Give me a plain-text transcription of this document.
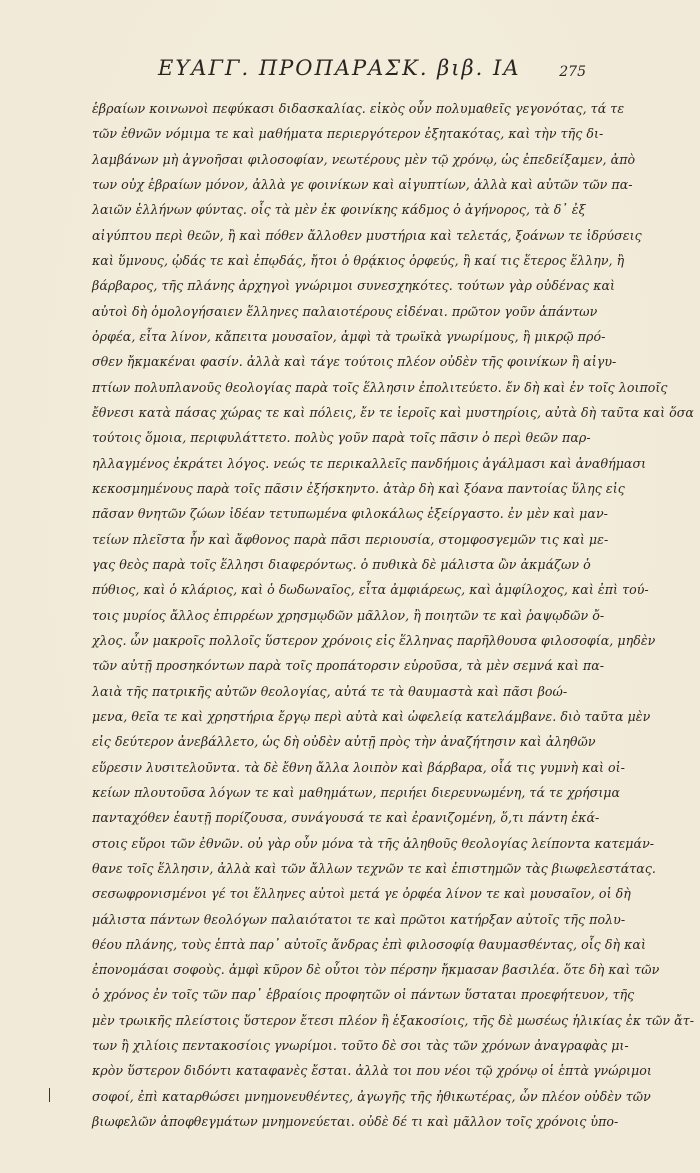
ΕΥΑΓΓ. ΠΡΟΠΑΡΑΣΚ. βιβ. ΙΑ	275
ἑβραίων κοινωνοὶ πεφύκασι διδασκαλίας. εἰκὸς οὖν πολυμαθεῖς γεγονότας, τά τε
τῶν ἐθνῶν νόμιμα τε καὶ μαθήματα περιεργότερον ἐξητακότας, καὶ τὴν τῆς δι-
λαμβάνων μὴ ἀγνοῆσαι φιλοσοφίαν, νεωτέρους μὲν τῷ χρόνῳ, ὡς ἐπεδείξαμεν, ἀπὸ
των οὐχ ἑβραίων μόνον, ἀλλὰ γε φοινίκων καὶ αἰγυπτίων, ἀλλὰ καὶ αὐτῶν τῶν πα-
λαιῶν ἑλλήνων φύντας. οἷς τὰ μὲν ἐκ φοινίκης κάδμος ὁ ἀγήνορος, τὰ δ᾽ ἐξ
αἰγύπτου περὶ θεῶν, ἢ καὶ πόθεν ἄλλοθεν μυστήρια καὶ τελετάς, ξοάνων τε ἱδρύσεις
καὶ ὕμνους, ᾠδάς τε καὶ ἐπῳδάς, ἤτοι ὁ θρᾴκιος ὀρφεύς, ἢ καί τις ἕτερος ἕλλην, ἢ
βάρβαρος, τῆς πλάνης ἀρχηγοὶ γνώριμοι συνεσχηκότες. τούτων γὰρ οὐδένας καὶ
αὐτοὶ δὴ ὁμολογήσαιεν ἕλληνες παλαιοτέρους εἰδέναι. πρῶτον γοῦν ἁπάντων
ὀρφέα, εἶτα λίνον, κἄπειτα μουσαῖον, ἀμφὶ τὰ τρωϊκὰ γνωρίμους, ἢ μικρῷ πρό-
σθεν ἤκμακέναι φασίν. ἀλλὰ καὶ τάγε τούτοις πλέον οὐδὲν τῆς φοινίκων ἢ αἰγυ-
πτίων πολυπλανοῦς θεολογίας παρὰ τοῖς ἕλλησιν ἐπολιτεύετο. ἔν δὴ καὶ ἐν τοῖς λοιποῖς
ἔθνεσι κατὰ πάσας χώρας τε καὶ πόλεις, ἔν τε ἱεροῖς καὶ μυστηρίοις, αὐτὰ δὴ ταῦτα καὶ ὅσα
τούτοις ὅμοια, περιφυλάττετο. πολὺς γοῦν παρὰ τοῖς πᾶσιν ὁ περὶ θεῶν παρ-
ηλλαγμένος ἐκράτει λόγος. νεώς τε περικαλλεῖς πανδήμοις ἀγάλμασι καὶ ἀναθήμασι
κεκοσμημένους παρὰ τοῖς πᾶσιν ἐξήσκηντο. ἀτὰρ δὴ καὶ ξόανα παντοίας ὕλης εἰς
πᾶσαν θνητῶν ζώων ἰδέαν τετυπωμένα φιλοκάλως ἐξείργαστο. ἐν μὲν καὶ μαν-
τείων πλεῖστα ἦν καὶ ἄφθονος παρὰ πᾶσι περιουσία, στομφοσγεμῶν τις καὶ με-
γας θεὸς παρὰ τοῖς ἕλλησι διαφερόντως. ὁ πυθικὰ δὲ μάλιστα ὢν ἀκμάζων ὁ
πύθιος, καὶ ὁ κλάριος, καὶ ὁ δωδωναῖος, εἶτα ἀμφιάρεως, καὶ ἀμφίλοχος, καὶ ἐπὶ τού-
τοις μυρίος ἄλλος ἐπιρρέων χρησμῳδῶν μᾶλλον, ἢ ποιητῶν τε καὶ ῥαψῳδῶν ὄ-
χλος. ὧν μακροῖς πολλοῖς ὕστερον χρόνοις εἰς ἕλληνας παρῆλθουσα φιλοσοφία, μηδὲν
τῶν αὐτῇ προσηκόντων παρὰ τοῖς προπάτορσιν εὑροῦσα, τὰ μὲν σεμνά καὶ πα-
λαιὰ τῆς πατρικῆς αὐτῶν θεολογίας, αὐτά τε τὰ θαυμαστὰ καὶ πᾶσι βοώ-
μενα, θεῖα τε καὶ χρηστήρια ἔργῳ περὶ αὐτὰ καὶ ὠφελείᾳ κατελάμβανε. διὸ ταῦτα μὲν
εἰς δεύτερον ἀνεβάλλετο, ὡς δὴ οὐδὲν αὐτῇ πρὸς τὴν ἀναζήτησιν καὶ ἀληθῶν
εὕρεσιν λυσιτελοῦντα. τὰ δὲ ἔθνη ἄλλα λοιπὸν καὶ βάρβαρα, οἷά τις γυμνὴ καὶ οἰ-
κείων πλουτοῦσα λόγων τε καὶ μαθημάτων, περιήει διερευνωμένη, τά τε χρήσιμα
πανταχόθεν ἑαυτῇ πορίζουσα, συνάγουσά τε καὶ ἐρανιζομένη, ὅ,τι πάντη ἐκά-
στοις εὕροι τῶν ἐθνῶν. οὐ γὰρ οὖν μόνα τὰ τῆς ἀληθοῦς θεολογίας λείποντα κατεμάν-
θανε τοῖς ἕλλησιν, ἀλλὰ καὶ τῶν ἄλλων τεχνῶν τε καὶ ἐπιστημῶν τὰς βιωφελεστάτας.
σεσωφρονισμένοι γέ τοι ἕλληνες αὐτοὶ μετά γε ὀρφέα λίνον τε καὶ μουσαῖον, οἱ δὴ
μάλιστα πάντων θεολόγων παλαιότατοι τε καὶ πρῶτοι κατήρξαν αὐτοῖς τῆς πολυ-
θέου πλάνης, τοὺς ἑπτὰ παρ᾽ αὐτοῖς ἄνδρας ἐπὶ φιλοσοφίᾳ θαυμασθέντας, οἷς δὴ καὶ
ἐπονομάσαι σοφοὺς. ἀμφὶ κῦρον δὲ οὗτοι τὸν πέρσην ἤκμασαν βασιλέα. ὅτε δὴ καὶ τῶν
ὁ χρόνος ἐν τοῖς τῶν παρ᾽ ἑβραίοις προφητῶν οἱ πάντων ὕσταται προεφήτευον, τῆς
μὲν τρωικῆς πλείστοις ὕστερον ἔτεσι πλέον ἢ ἑξακοσίοις, τῆς δὲ μωσέως ἡλικίας ἐκ τῶν ἄτ-
των ἢ χιλίοις πεντακοσίοις γνωρίμοι. τοῦτο δὲ σοι τὰς τῶν χρόνων ἀναγραφὰς μι-
κρὸν ὕστερον διδόντι καταφανὲς ἔσται. ἀλλὰ τοι που νέοι τῷ χρόνῳ οἱ ἑπτὰ γνώριμοι
σοφοί, ἐπὶ καταρθώσει μνημονευθέντες, ἀγωγῆς τῆς ἠθικωτέρας, ὧν πλέον οὐδὲν τῶν
βιωφελῶν ἀποφθεγμάτων μνημονεύεται. οὐδὲ δέ τι καὶ μᾶλλον τοῖς χρόνοις ὑπο-
